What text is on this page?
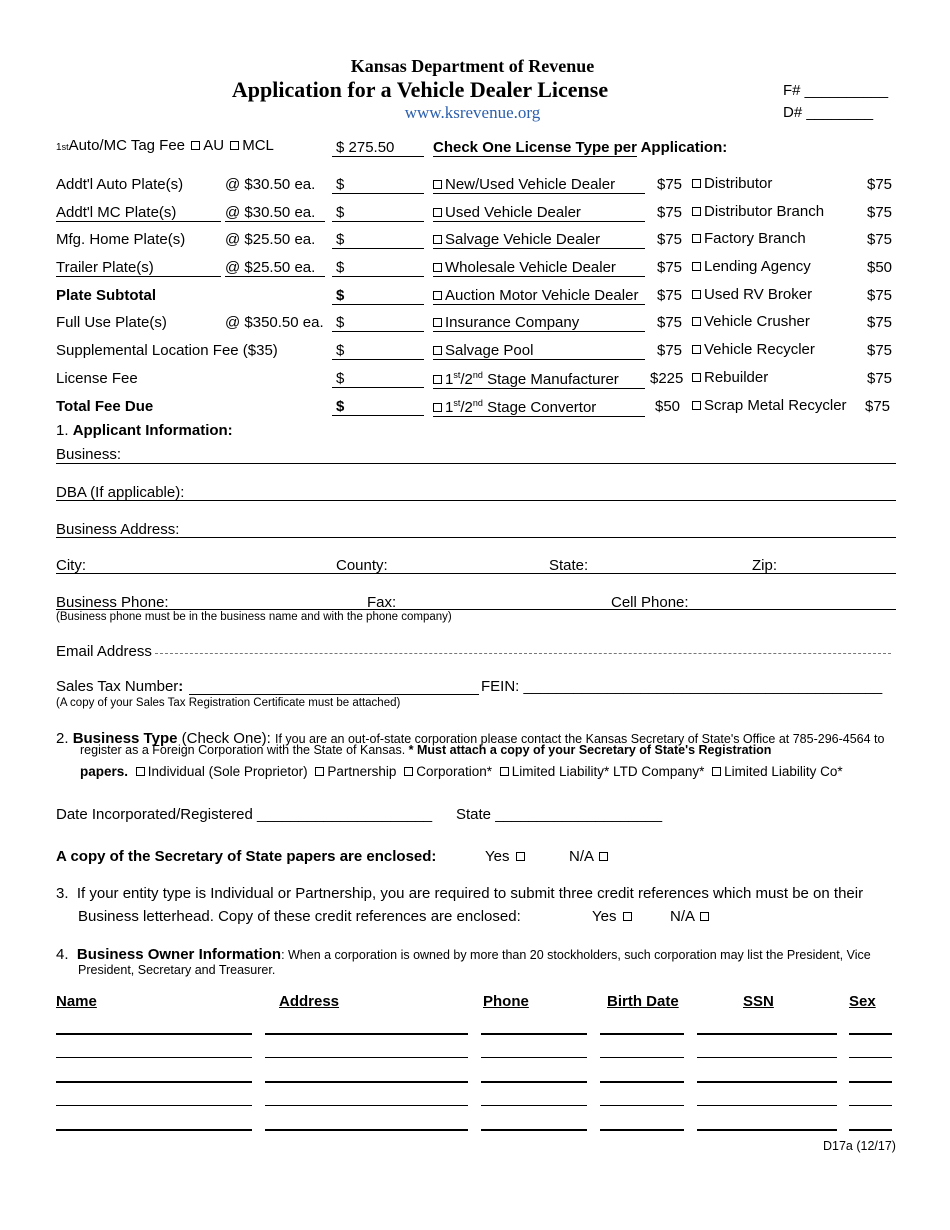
Kansas Department of Revenue
Application for a Vehicle Dealer License
www.ksrevenue.org
F# __________
D# ________
1stAuto/MC Tag Fee AU MCL	$ 275.50	Check One License Type per Application:
Addt'l Auto Plate(s)	@ $30.50 ea. $	New/Used Vehicle Dealer	$75	Distributor	$75
Addt'l MC Plate(s)	@ $30.50 ea.	$	Used Vehicle Dealer	$75	Distributor Branch	$75
Mfg. Home Plate(s)	@ $25.50 ea. $	Salvage Vehicle Dealer	$75	Factory Branch	$75
Trailer Plate(s)	@ $25.50 ea.	$	Wholesale Vehicle Dealer	$75	Lending Agency	$50
Plate Subtotal	$	Auction Motor Vehicle Dealer	$75	Used RV Broker	$75
Full Use Plate(s)	@ $350.50 ea. $	Insurance Company	$75	Vehicle Crusher	$75
Supplemental Location Fee ($35)	$	Salvage Pool	$75	Vehicle Recycler	$75
License Fee	$	1st/2nd Stage Manufacturer	$225	Rebuilder	$75
Total Fee Due	$	1st/2nd Stage Convertor	$50	Scrap Metal Recycler $75
1. Applicant Information:
Business:
DBA (If applicable):
Business Address:
City:	County:	State:	Zip:
Business Phone:	Fax:	Cell Phone:
(Business phone must be in the business name and with the phone company)
Email Address
Sales Tax Number:	FEIN: ___________________________________________
(A copy of your Sales Tax Registration Certificate must be attached)
2. Business Type (Check One): If you are an out-of-state corporation please contact the Kansas Secretary of State's Office at 785-296-4564 to
register as a Foreign Corporation with the State of Kansas. * Must attach a copy of your Secretary of State's Registration
papers. Individual (Sole Proprietor) Partnership Corporation* Limited Liability* LTD Company* Limited Liability Co*
Date Incorporated/Registered _____________________ State ____________________
A copy of the Secretary of State papers are enclosed:	Yes	N/A
3. If your entity type is Individual or Partnership, you are required to submit three credit references which must be on their
Business letterhead. Copy of these credit references are enclosed:	Yes	N/A
4. Business Owner Information: When a corporation is owned by more than 20 stockholders, such corporation may list the President, Vice
President, Secretary and Treasurer.
Name	Address	Phone	Birth Date	SSN	Sex
D17a (12/17)
